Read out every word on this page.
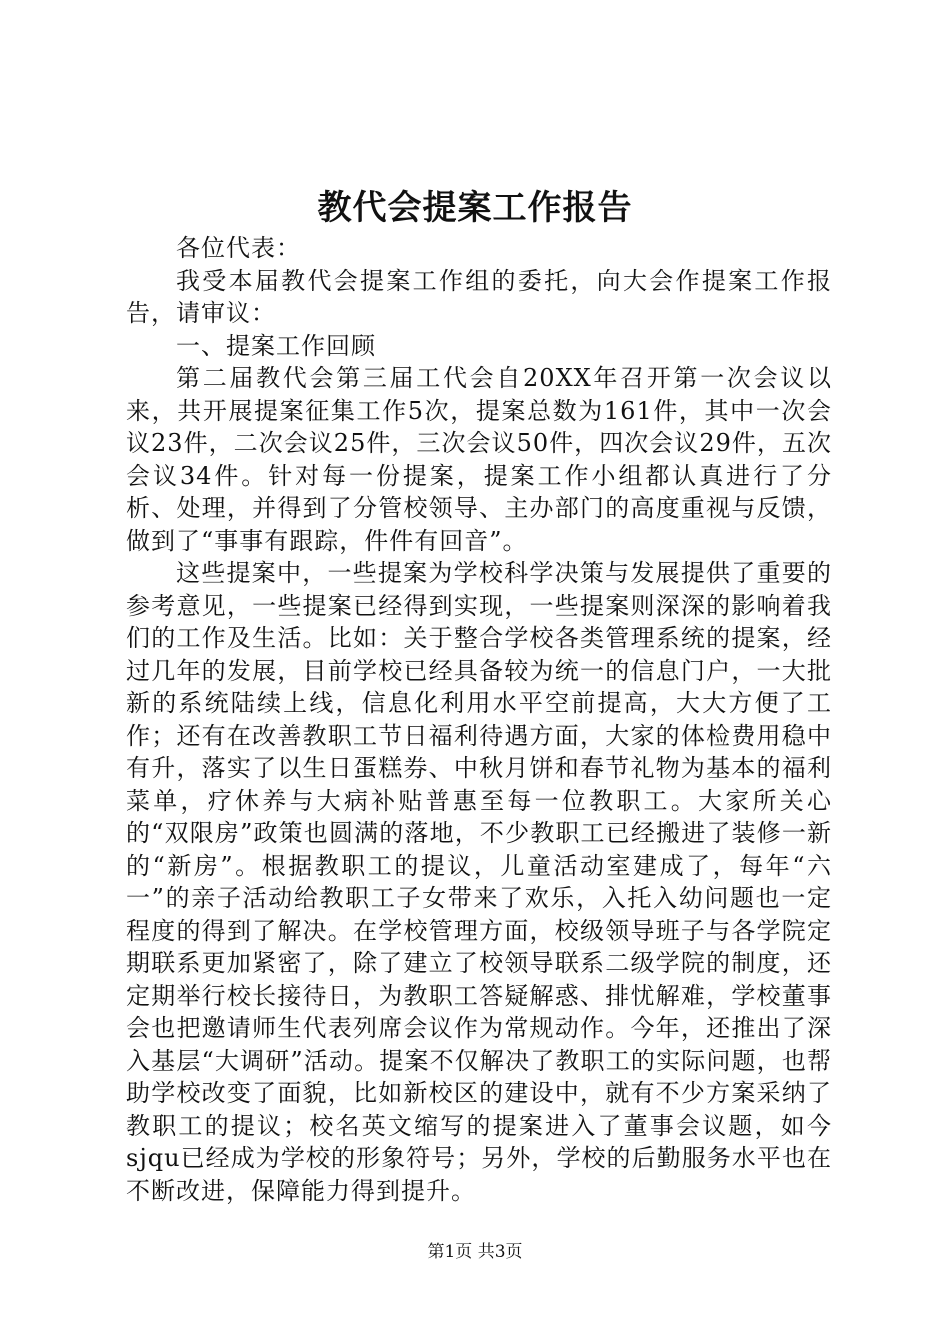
教代会提案工作报告

各位代表：

我受本届教代会提案工作组的委托，向大会作提案工作报告，请审议：

一、提案工作回顾

第二届教代会第三届工代会自20XX年召开第一次会议以来，共开展提案征集工作5次，提案总数为161件，其中一次会议23件，二次会议25件，三次会议50件，四次会议29件，五次会议34件。针对每一份提案，提案工作小组都认真进行了分析、处理，并得到了分管校领导、主办部门的高度重视与反馈，做到了“事事有跟踪，件件有回音”。

这些提案中，一些提案为学校科学决策与发展提供了重要的参考意见，一些提案已经得到实现，一些提案则深深的影响着我们的工作及生活。比如：关于整合学校各类管理系统的提案，经过几年的发展，目前学校已经具备较为统一的信息门户，一大批新的系统陆续上线，信息化利用水平空前提高，大大方便了工作；还有在改善教职工节日福利待遇方面，大家的体检费用稳中有升，落实了以生日蛋糕券、中秋月饼和春节礼物为基本的福利菜单，疗休养与大病补贴普惠至每一位教职工。大家所关心的“双限房”政策也圆满的落地，不少教职工已经搬进了装修一新的“新房”。根据教职工的提议，儿童活动室建成了，每年“六一”的亲子活动给教职工子女带来了欢乐，入托入幼问题也一定程度的得到了解决。在学校管理方面，校级领导班子与各学院定期联系更加紧密了，除了建立了校领导联系二级学院的制度，还定期举行校长接待日，为教职工答疑解惑、排忧解难，学校董事会也把邀请师生代表列席会议作为常规动作。今年，还推出了深入基层“大调研”活动。提案不仅解决了教职工的实际问题，也帮助学校改变了面貌，比如新校区的建设中，就有不少方案采纳了教职工的提议；校名英文缩写的提案进入了董事会议题，如今sjqu已经成为学校的形象符号；另外，学校的后勤服务水平也在不断改进，保障能力得到提升。

第1页 共3页
